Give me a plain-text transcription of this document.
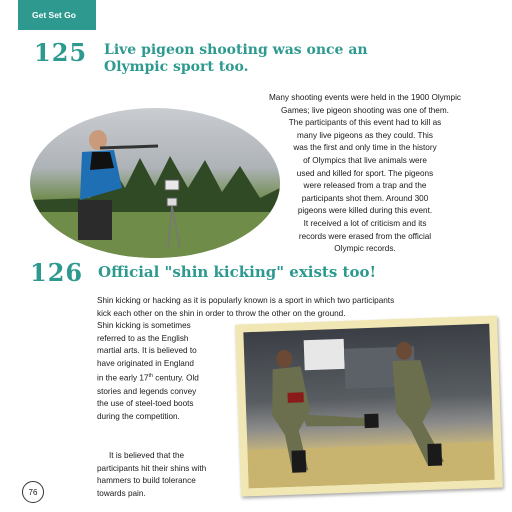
Get Set Go
125 Live pigeon shooting was once an
Olympic sport too.
Many shooting events were held in the 1900 Olympic
Games; live pigeon shooting was one of them.
The participants of this event had to kill as
many live pigeons as they could. This
was the first and only time in the history
of Olympics that live animals were
used and killed for sport. The pigeons
were released from a trap and the
participants shot them. Around 300
pigeons were killed during this event.
It received a lot of criticism and its
records were erased from the official
Olympic records.
126 Official "shin kicking" exists too!
Shin kicking or hacking as it is popularly known is a sport in which two participants
kick each other on the shin in order to throw the other on the ground.
Shin kicking is sometimes
referred to as the English
martial arts. It is believed to
have originated in England
in the early 17th century. Old
stories and legends convey
the use of steel-toed boots
during the competition.
It is believed that the
participants hit their shins with
hammers to build tolerance
towards pain.
76
